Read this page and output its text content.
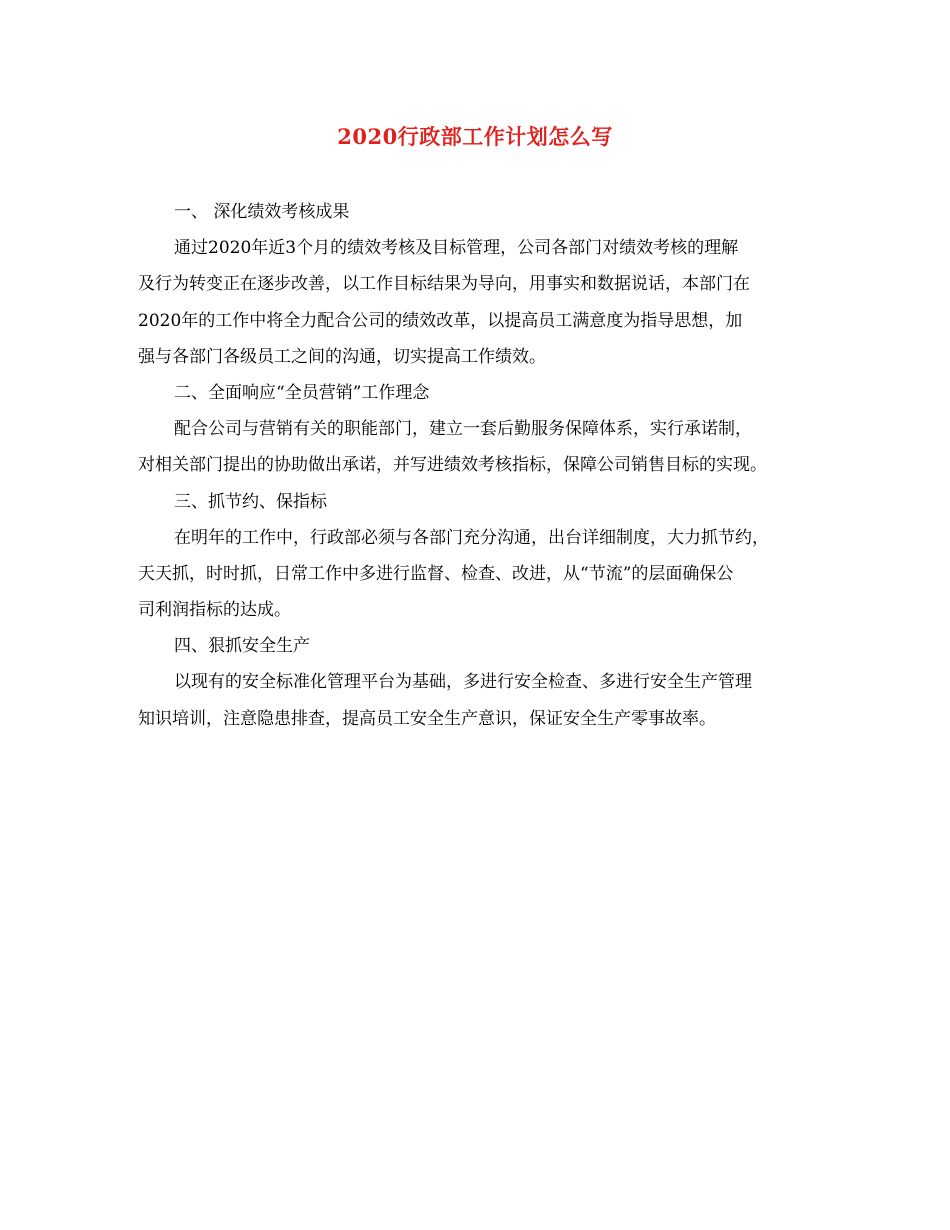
2020行政部工作计划怎么写
一、 深化绩效考核成果
通过2020年近3个月的绩效考核及目标管理，公司各部门对绩效考核的理解
及行为转变正在逐步改善，以工作目标结果为导向，用事实和数据说话，本部门在
2020年的工作中将全力配合公司的绩效改革，以提高员工满意度为指导思想，加
强与各部门各级员工之间的沟通，切实提高工作绩效。
二、全面响应“全员营销”工作理念
配合公司与营销有关的职能部门，建立一套后勤服务保障体系，实行承诺制，
对相关部门提出的协助做出承诺，并写进绩效考核指标，保障公司销售目标的实现。
三、抓节约、保指标
在明年的工作中，行政部必须与各部门充分沟通，出台详细制度，大力抓节约，
天天抓，时时抓，日常工作中多进行监督、检查、改进，从“节流”的层面确保公
司利润指标的达成。
四、狠抓安全生产
以现有的安全标准化管理平台为基础，多进行安全检查、多进行安全生产管理
知识培训，注意隐患排查，提高员工安全生产意识，保证安全生产零事故率。
